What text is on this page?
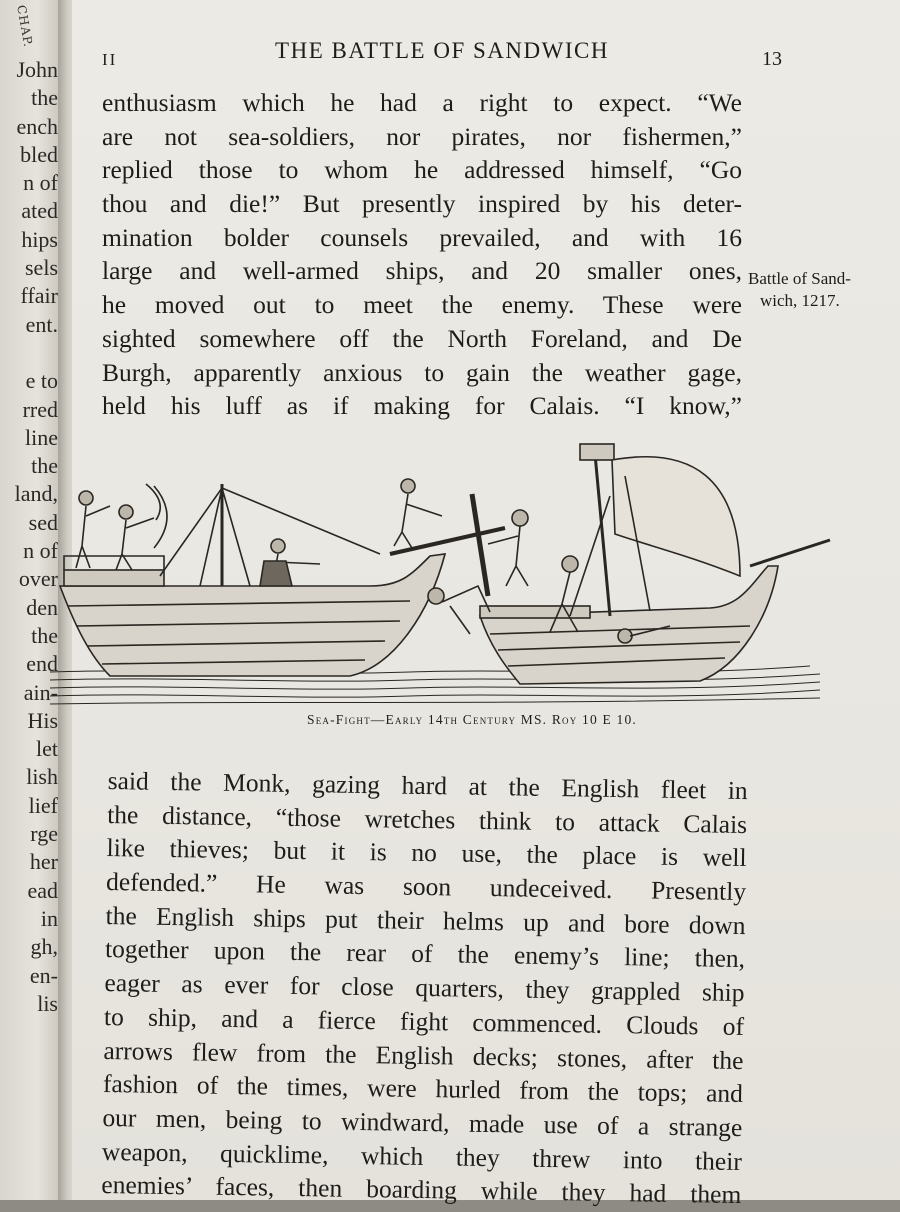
CHAP.
John
the
ench
bled
n of
ated
hips
sels
ffair
ent.
e to
rred
line
the
land,
sed
n of
over
den
the
end
ain-
His
let
lish
lief
rge
her
ead
in
gh,
en-
lis
II	THE BATTLE OF SANDWICH	13
enthusiasm which he had a right to expect. “We
are not sea-soldiers, nor pirates, nor fishermen,”
replied those to whom he addressed himself, “Go
thou and die!” But presently inspired by his deter-
mination bolder counsels prevailed, and with 16
large and well-armed ships, and 20 smaller ones,
he moved out to meet the enemy. These were
sighted somewhere off the North Foreland, and De
Burgh, apparently anxious to gain the weather gage,
held his luff as if making for Calais. “I know,”
Battle of Sand-
wich, 1217.
Sea-Fight—Early 14th Century MS. Roy 10 E 10.
said the Monk, gazing hard at the English fleet in
the distance, “those wretches think to attack Calais
like thieves; but it is no use, the place is well
defended.” He was soon undeceived. Presently
the English ships put their helms up and bore down
together upon the rear of the enemy’s line; then,
eager as ever for close quarters, they grappled ship
to ship, and a fierce fight commenced. Clouds of
arrows flew from the English decks; stones, after the
fashion of the times, were hurled from the tops; and
our men, being to windward, made use of a strange
weapon, quicklime, which they threw into their
enemies’ faces, then boarding while they had them
